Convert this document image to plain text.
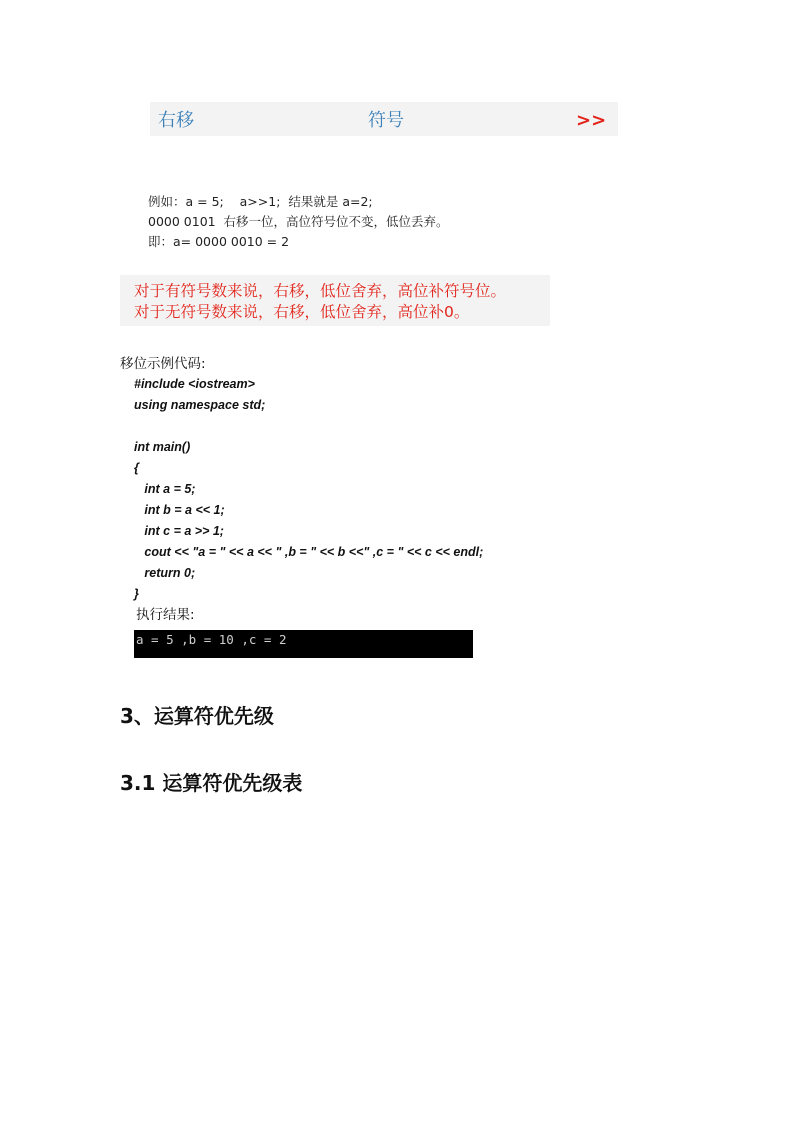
右移	符号	>>
例如：a = 5;    a>>1;  结果就是 a=2;
0000 0101  右移一位，高位符号位不变，低位丢弃。
即：a= 0000 0010 = 2
对于有符号数来说，右移，低位舍弃，高位补符号位。
对于无符号数来说，右移，低位舍弃，高位补0。
移位示例代码:
#include <iostream>
using namespace std;
int main()
{
int a = 5;
int b = a << 1;
int c = a >> 1;
cout << "a = " << a << " ,b = " << b <<" ,c = " << c << endl;
return 0;
}
执行结果:
a = 5 ,b = 10 ,c = 2
3、运算符优先级
3.1 运算符优先级表
